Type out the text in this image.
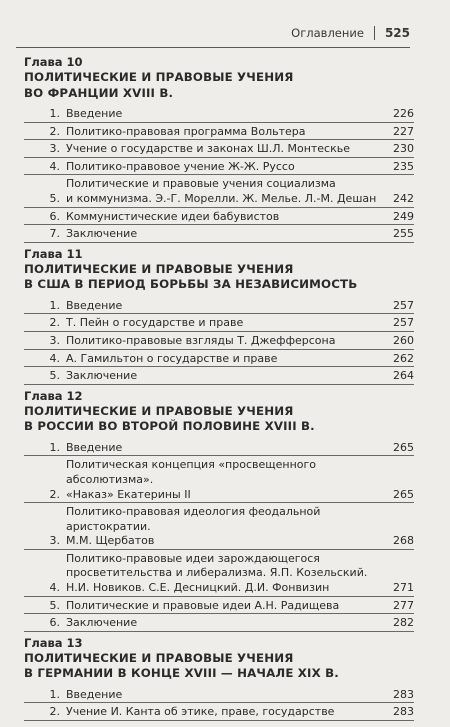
Оглавление 525
Глава 10
ПОЛИТИЧЕСКИЕ И ПРАВОВЫЕ УЧЕНИЯ
ВО ФРАНЦИИ XVIII В.
1. Введение	226
2. Политико-правовая программа Вольтера	227
3. Учение о государстве и законах Ш.Л. Монтескье	230
4. Политико-правовое учение Ж-Ж. Руссо	235
5.
Политические и правовые учения социализма
и коммунизма. Э.-Г. Морелли. Ж. Мелье. Л.-М. Дешан	242
6. Коммунистические идеи бабувистов	249
7. Заключение	255
Глава 11
ПОЛИТИЧЕСКИЕ И ПРАВОВЫЕ УЧЕНИЯ
В США В ПЕРИОД БОРЬБЫ ЗА НЕЗАВИСИМОСТЬ
1. Введение	257
2. Т. Пейн о государстве и праве	257
3. Политико-правовые взгляды Т. Джефферсона	260
4. А. Гамильтон о государстве и праве	262
5. Заключение	264
Глава 12
ПОЛИТИЧЕСКИЕ И ПРАВОВЫЕ УЧЕНИЯ
В РОССИИ ВО ВТОРОЙ ПОЛОВИНЕ XVIII В.
1. Введение	265
2.
Политическая концепция «просвещенного абсолютизма».
«Наказ» Екатерины II	265
3.
Политико-правовая идеология феодальной аристократии.
М.М. Щербатов	268
4.
Политико-правовые идеи зарождающегося
просветительства и либерализма. Я.П. Козельский.
Н.И. Новиков. С.Е. Десницкий. Д.И. Фонвизин	271
5. Политические и правовые идеи А.Н. Радищева	277
6. Заключение	282
Глава 13
ПОЛИТИЧЕСКИЕ И ПРАВОВЫЕ УЧЕНИЯ
В ГЕРМАНИИ В КОНЦЕ XVIII — НАЧАЛЕ XIX В.
1. Введение	283
2. Учение И. Канта об этике, праве, государстве	283
